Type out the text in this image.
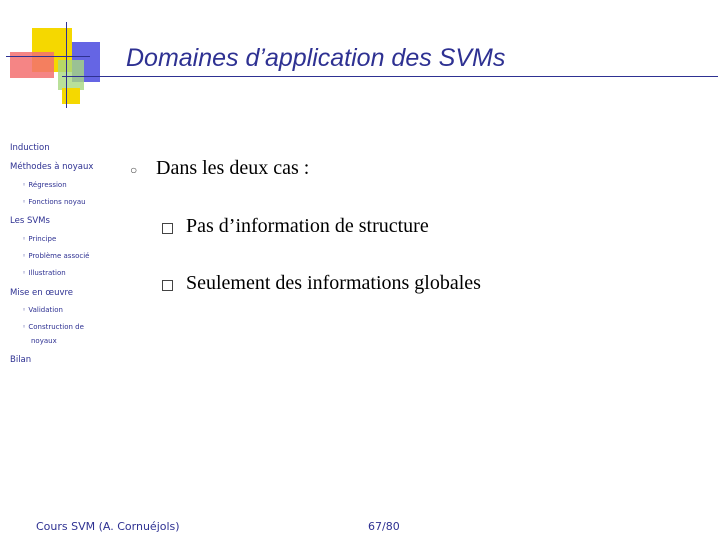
Domaines d’application des SVMs
Induction
Méthodes à noyaux
◦ Régression
◦ Fonctions noyau
Les SVMs
◦ Principe
◦ Problème associé
◦ Illustration
Mise en œuvre
◦ Validation
◦ Construction de
noyaux
Bilan
○ Dans les deux cas :
Pas d’information de structure
Seulement des informations globales
Cours SVM (A. Cornuéjols)	67/80
